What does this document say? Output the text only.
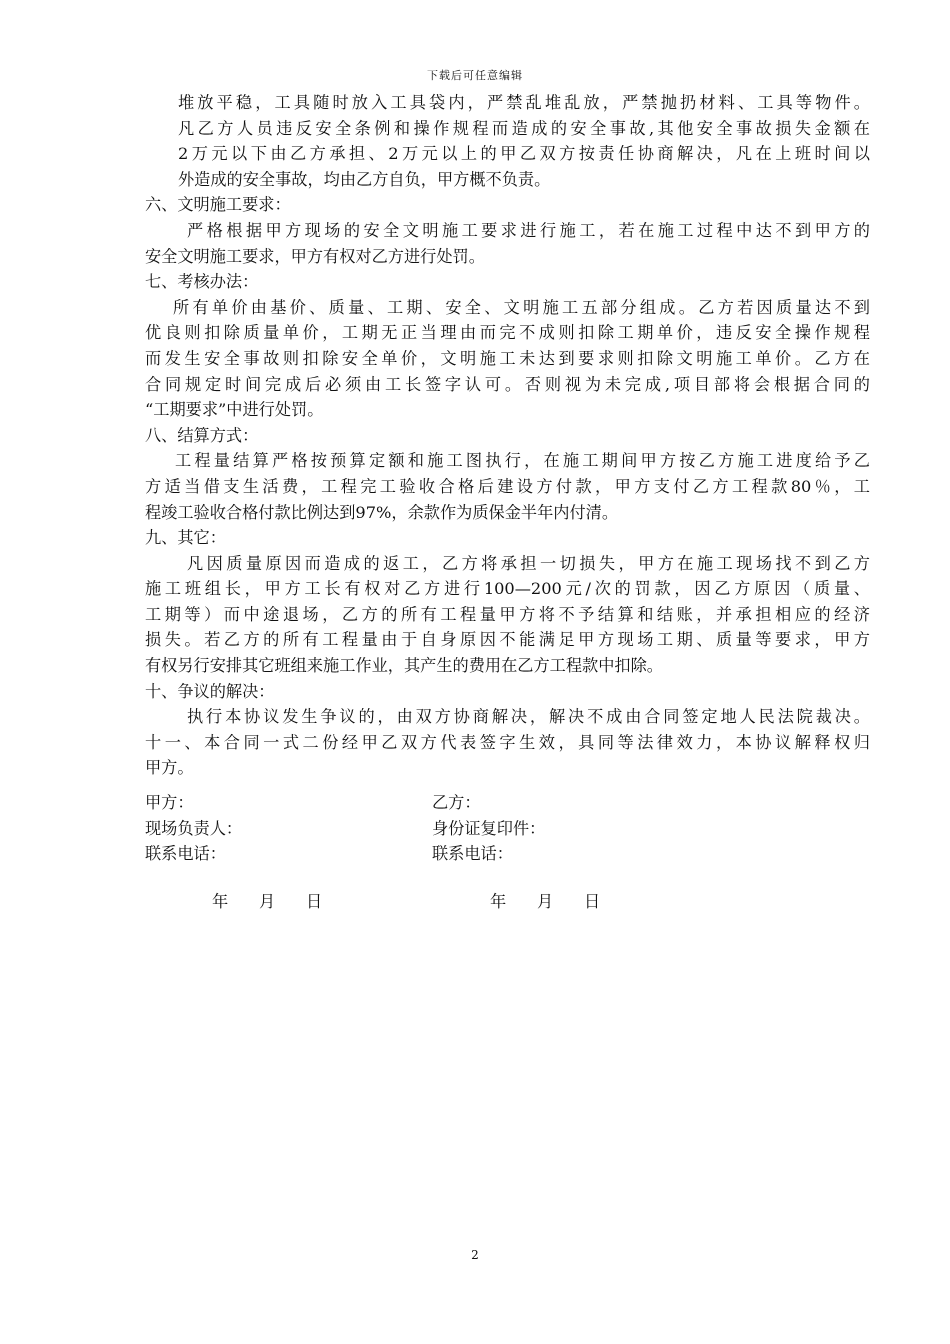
下载后可任意编辑
堆放平稳，工具随时放入工具袋内，严禁乱堆乱放，严禁抛扔材料、工具等物件。
凡乙方人员违反安全条例和操作规程而造成的安全事故,其他安全事故损失金额在
2万元以下由乙方承担、2万元以上的甲乙双方按责任协商解决，凡在上班时间以
外造成的安全事故，均由乙方自负，甲方概不负责。
六、文明施工要求：
严格根据甲方现场的安全文明施工要求进行施工，若在施工过程中达不到甲方的
安全文明施工要求，甲方有权对乙方进行处罚。
七、考核办法：
所有单价由基价、质量、工期、安全、文明施工五部分组成。乙方若因质量达不到
优良则扣除质量单价，工期无正当理由而完不成则扣除工期单价，违反安全操作规程
而发生安全事故则扣除安全单价，文明施工未达到要求则扣除文明施工单价。乙方在
合同规定时间完成后必须由工长签字认可。否则视为未完成,项目部将会根据合同的
“工期要求”中进行处罚。
八、结算方式：
工程量结算严格按预算定额和施工图执行，在施工期间甲方按乙方施工进度给予乙
方适当借支生活费，工程完工验收合格后建设方付款，甲方支付乙方工程款80％，工
程竣工验收合格付款比例达到97%，余款作为质保金半年内付清。
九、其它：
凡因质量原因而造成的返工，乙方将承担一切损失，甲方在施工现场找不到乙方
施工班组长，甲方工长有权对乙方进行100—200元/次的罚款，因乙方原因（质量、
工期等）而中途退场，乙方的所有工程量甲方将不予结算和结账，并承担相应的经济
损失。若乙方的所有工程量由于自身原因不能满足甲方现场工期、质量等要求，甲方
有权另行安排其它班组来施工作业，其产生的费用在乙方工程款中扣除。
十、争议的解决：
执行本协议发生争议的，由双方协商解决，解决不成由合同签定地人民法院裁决。
十一、本合同一式二份经甲乙双方代表签字生效，具同等法律效力，本协议解释权归
甲方。
甲方：	乙方：
现场负责人：	身份证复印件：
联系电话：	联系电话：
年 月 日	年 月 日
2
